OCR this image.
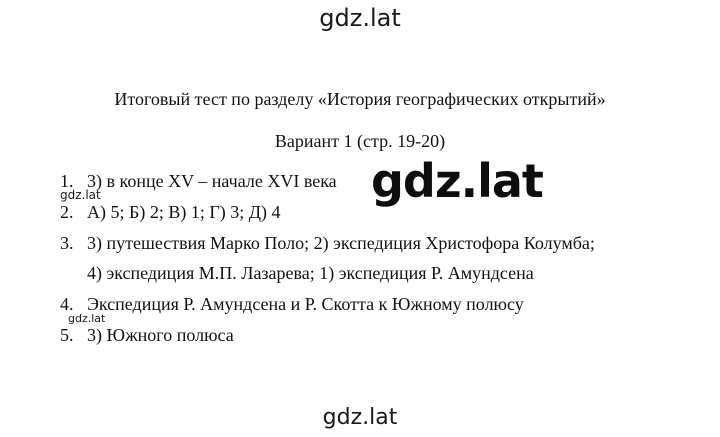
gdz.lat
Итоговый тест по разделу «История географических открытий»
Вариант 1 (стр. 19-20)
1. 3) в конце XV – начале XVI века
2. А) 5; Б) 2; В) 1; Г) 3; Д) 4
3. 3) путешествия Марко Поло; 2) экспедиция Христофора Колумба;
4) экспедиция М.П. Лазарева; 1) экспедиция Р. Амундсена
4. Экспедиция Р. Амундсена и Р. Скотта к Южному полюсу
5. 3) Южного полюса
gdz.lat
gdz.lat
gdz.lat
gdz.lat
